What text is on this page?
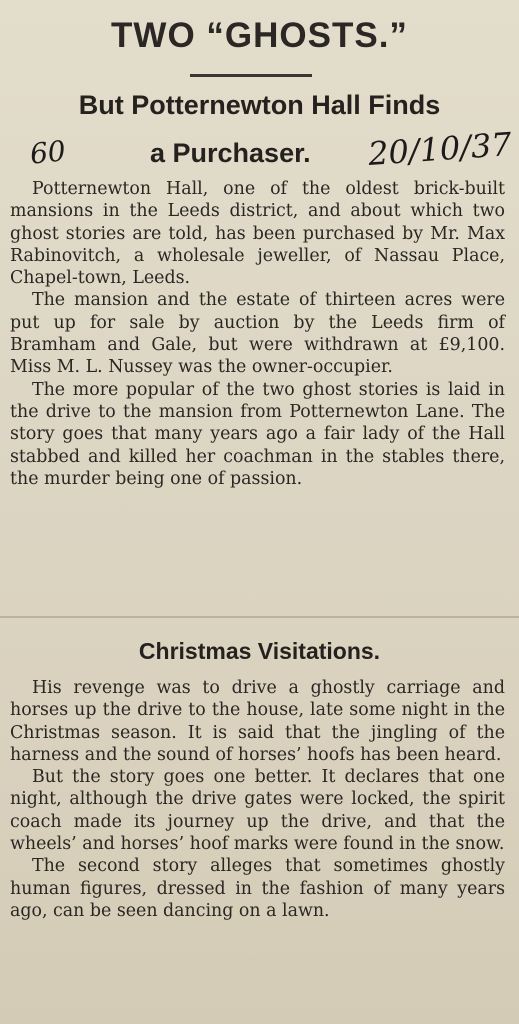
TWO “GHOSTS.”
But Potternewton Hall Finds
60	a Purchaser.	20/10/37

Potternewton Hall, one of the oldest brick-built mansions in the Leeds district, and about which two ghost stories are told, has been purchased by Mr. Max Rabinovitch, a wholesale jeweller, of Nassau Place, Chapel-town, Leeds.

The mansion and the estate of thirteen acres were put up for sale by auction by the Leeds firm of Bramham and Gale, but were withdrawn at £9,100. Miss M. L. Nussey was the owner-occupier.

The more popular of the two ghost stories is laid in the drive to the mansion from Potternewton Lane. The story goes that many years ago a fair lady of the Hall stabbed and killed her coachman in the stables there, the murder being one of passion.

Christmas Visitations.

His revenge was to drive a ghostly carriage and horses up the drive to the house, late some night in the Christmas season. It is said that the jingling of the harness and the sound of horses’ hoofs has been heard.

But the story goes one better. It declares that one night, although the drive gates were locked, the spirit coach made its journey up the drive, and that the wheels’ and horses’ hoof marks were found in the snow.

The second story alleges that sometimes ghostly human figures, dressed in the fashion of many years ago, can be seen dancing on a lawn.
